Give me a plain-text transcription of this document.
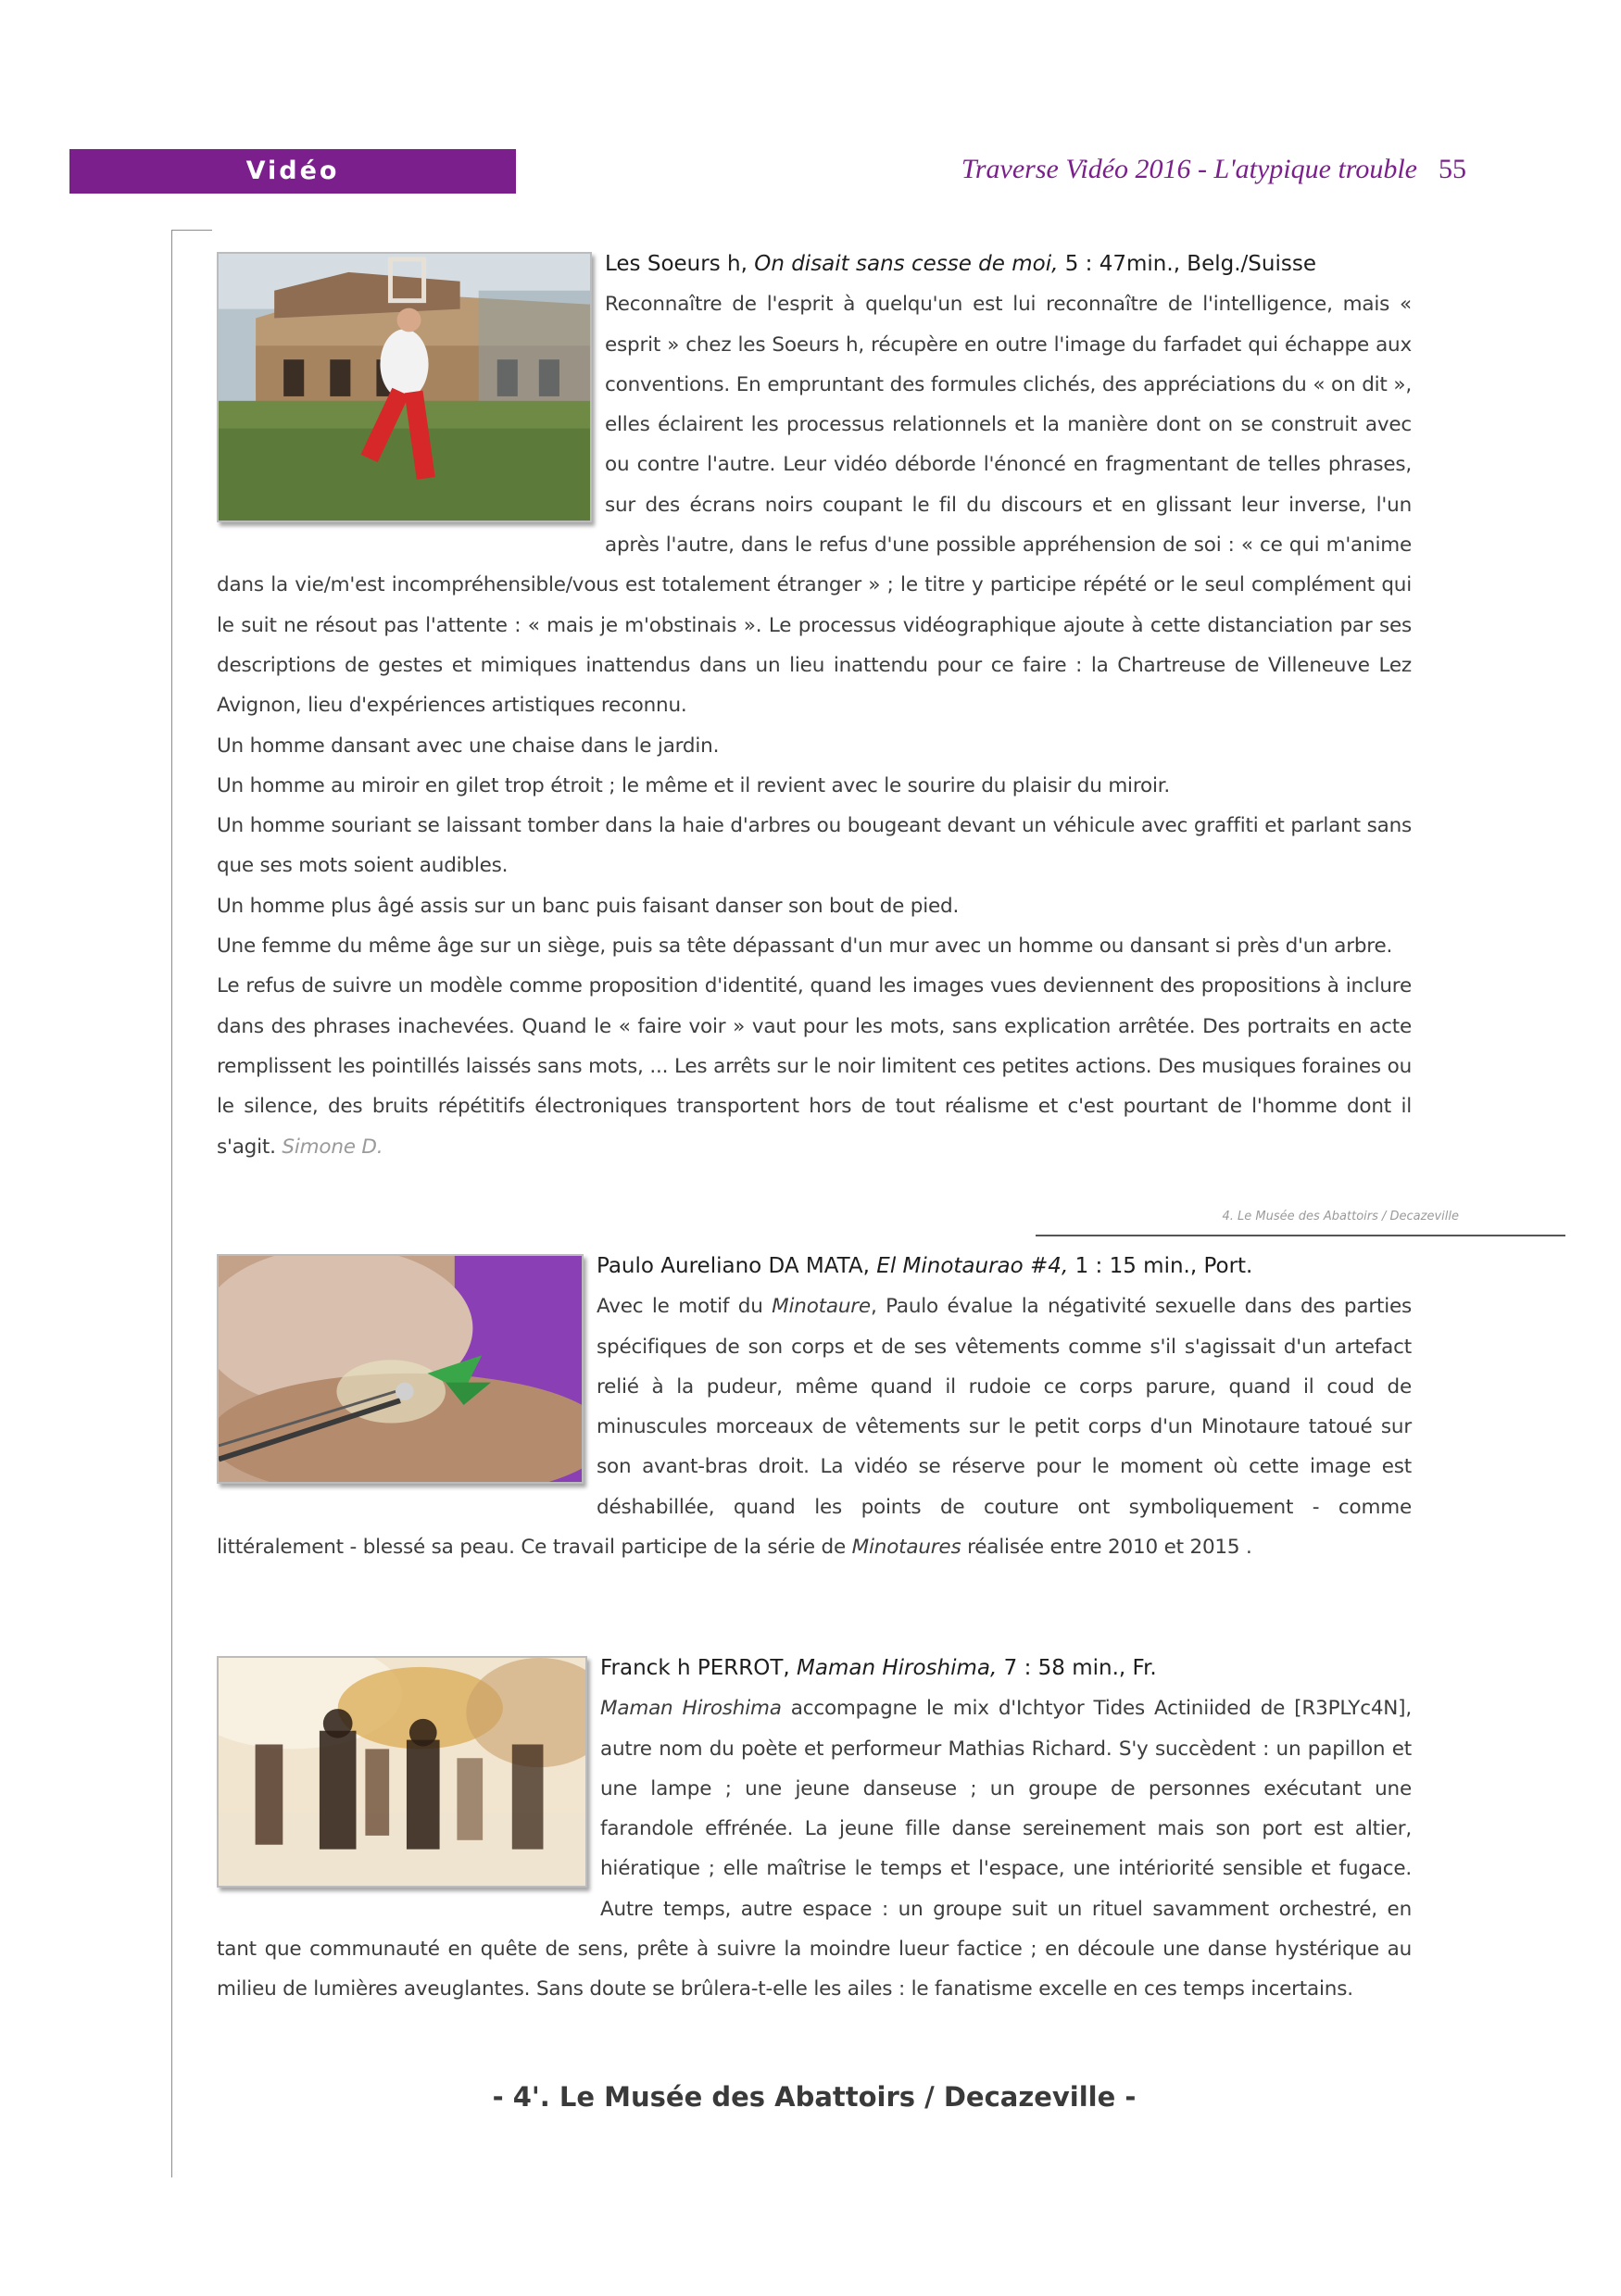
Vidéo	Traverse Vidéo 2016 - L'atypique trouble 55

Les Soeurs h, On disait sans cesse de moi, 5 : 47min., Belg./Suisse

Reconnaître de l'esprit à quelqu'un est lui reconnaître de l'intelligence, mais « esprit » chez les Soeurs h, récupère en outre l'image du farfadet qui échappe aux conventions. En empruntant des formules clichés, des appréciations du « on dit », elles éclairent les processus relationnels et la manière dont on se construit avec ou contre l'autre. Leur vidéo déborde l'énoncé en fragmentant de telles phrases, sur des écrans noirs coupant le fil du discours et en glissant leur inverse, l'un après l'autre, dans le refus d'une possible appréhension de soi : « ce qui m'anime dans la vie/m'est incompréhensible/vous est totalement étranger » ; le titre y participe répété or le seul complément qui le suit ne résout pas l'attente : « mais je m'obstinais ». Le processus vidéographique ajoute à cette distanciation par ses descriptions de gestes et mimiques inattendus dans un lieu inattendu pour ce faire : la Chartreuse de Villeneuve Lez Avignon, lieu d'expériences artistiques reconnu.

Un homme dansant avec une chaise dans le jardin.

Un homme au miroir en gilet trop étroit ; le même et il revient avec le sourire du plaisir du miroir.

Un homme souriant se laissant tomber dans la haie d'arbres ou bougeant devant un véhicule avec graffiti et parlant sans que ses mots soient audibles.

Un homme plus âgé assis sur un banc puis faisant danser son bout de pied.

Une femme du même âge sur un siège, puis sa tête dépassant d'un mur avec un homme ou dansant si près d'un arbre.

Le refus de suivre un modèle comme proposition d'identité, quand les images vues deviennent des propositions à inclure dans des phrases inachevées. Quand le « faire voir » vaut pour les mots, sans explication arrêtée. Des portraits en acte remplissent les pointillés laissés sans mots, ... Les arrêts sur le noir limitent ces petites actions. Des musiques foraines ou le silence, des bruits répétitifs électroniques transportent hors de tout réalisme et c'est pourtant de l'homme dont il s'agit. Simone D.

4. Le Musée des Abattoirs / Decazeville

Paulo Aureliano DA MATA, El Minotaurao #4, 1 : 15 min., Port.

Avec le motif du Minotaure, Paulo évalue la négativité sexuelle dans des parties spécifiques de son corps et de ses vêtements comme s'il s'agissait d'un artefact relié à la pudeur, même quand il rudoie ce corps parure, quand il coud de minuscules morceaux de vêtements sur le petit corps d'un Minotaure tatoué sur son avant-bras droit. La vidéo se réserve pour le moment où cette image est déshabillée, quand les points de couture ont symboliquement - comme littéralement - blessé sa peau. Ce travail participe de la série de Minotaures réalisée entre 2010 et 2015 .

Franck h PERROT, Maman Hiroshima, 7 : 58 min., Fr.

Maman Hiroshima accompagne le mix d'Ichtyor Tides Actiniided de [R3PLYc4N], autre nom du poète et performeur Mathias Richard. S'y succèdent : un papillon et une lampe ; une jeune danseuse ; un groupe de personnes exécutant une farandole effrénée. La jeune fille danse sereinement mais son port est altier, hiératique ; elle maîtrise le temps et l'espace, une intériorité sensible et fugace. Autre temps, autre espace : un groupe suit un rituel savamment orchestré, en tant que communauté en quête de sens, prête à suivre la moindre lueur factice ; en découle une danse hystérique au milieu de lumières aveuglantes. Sans doute se brûlera-t-elle les ailes : le fanatisme excelle en ces temps incertains.

- 4'. Le Musée des Abattoirs / Decazeville -
